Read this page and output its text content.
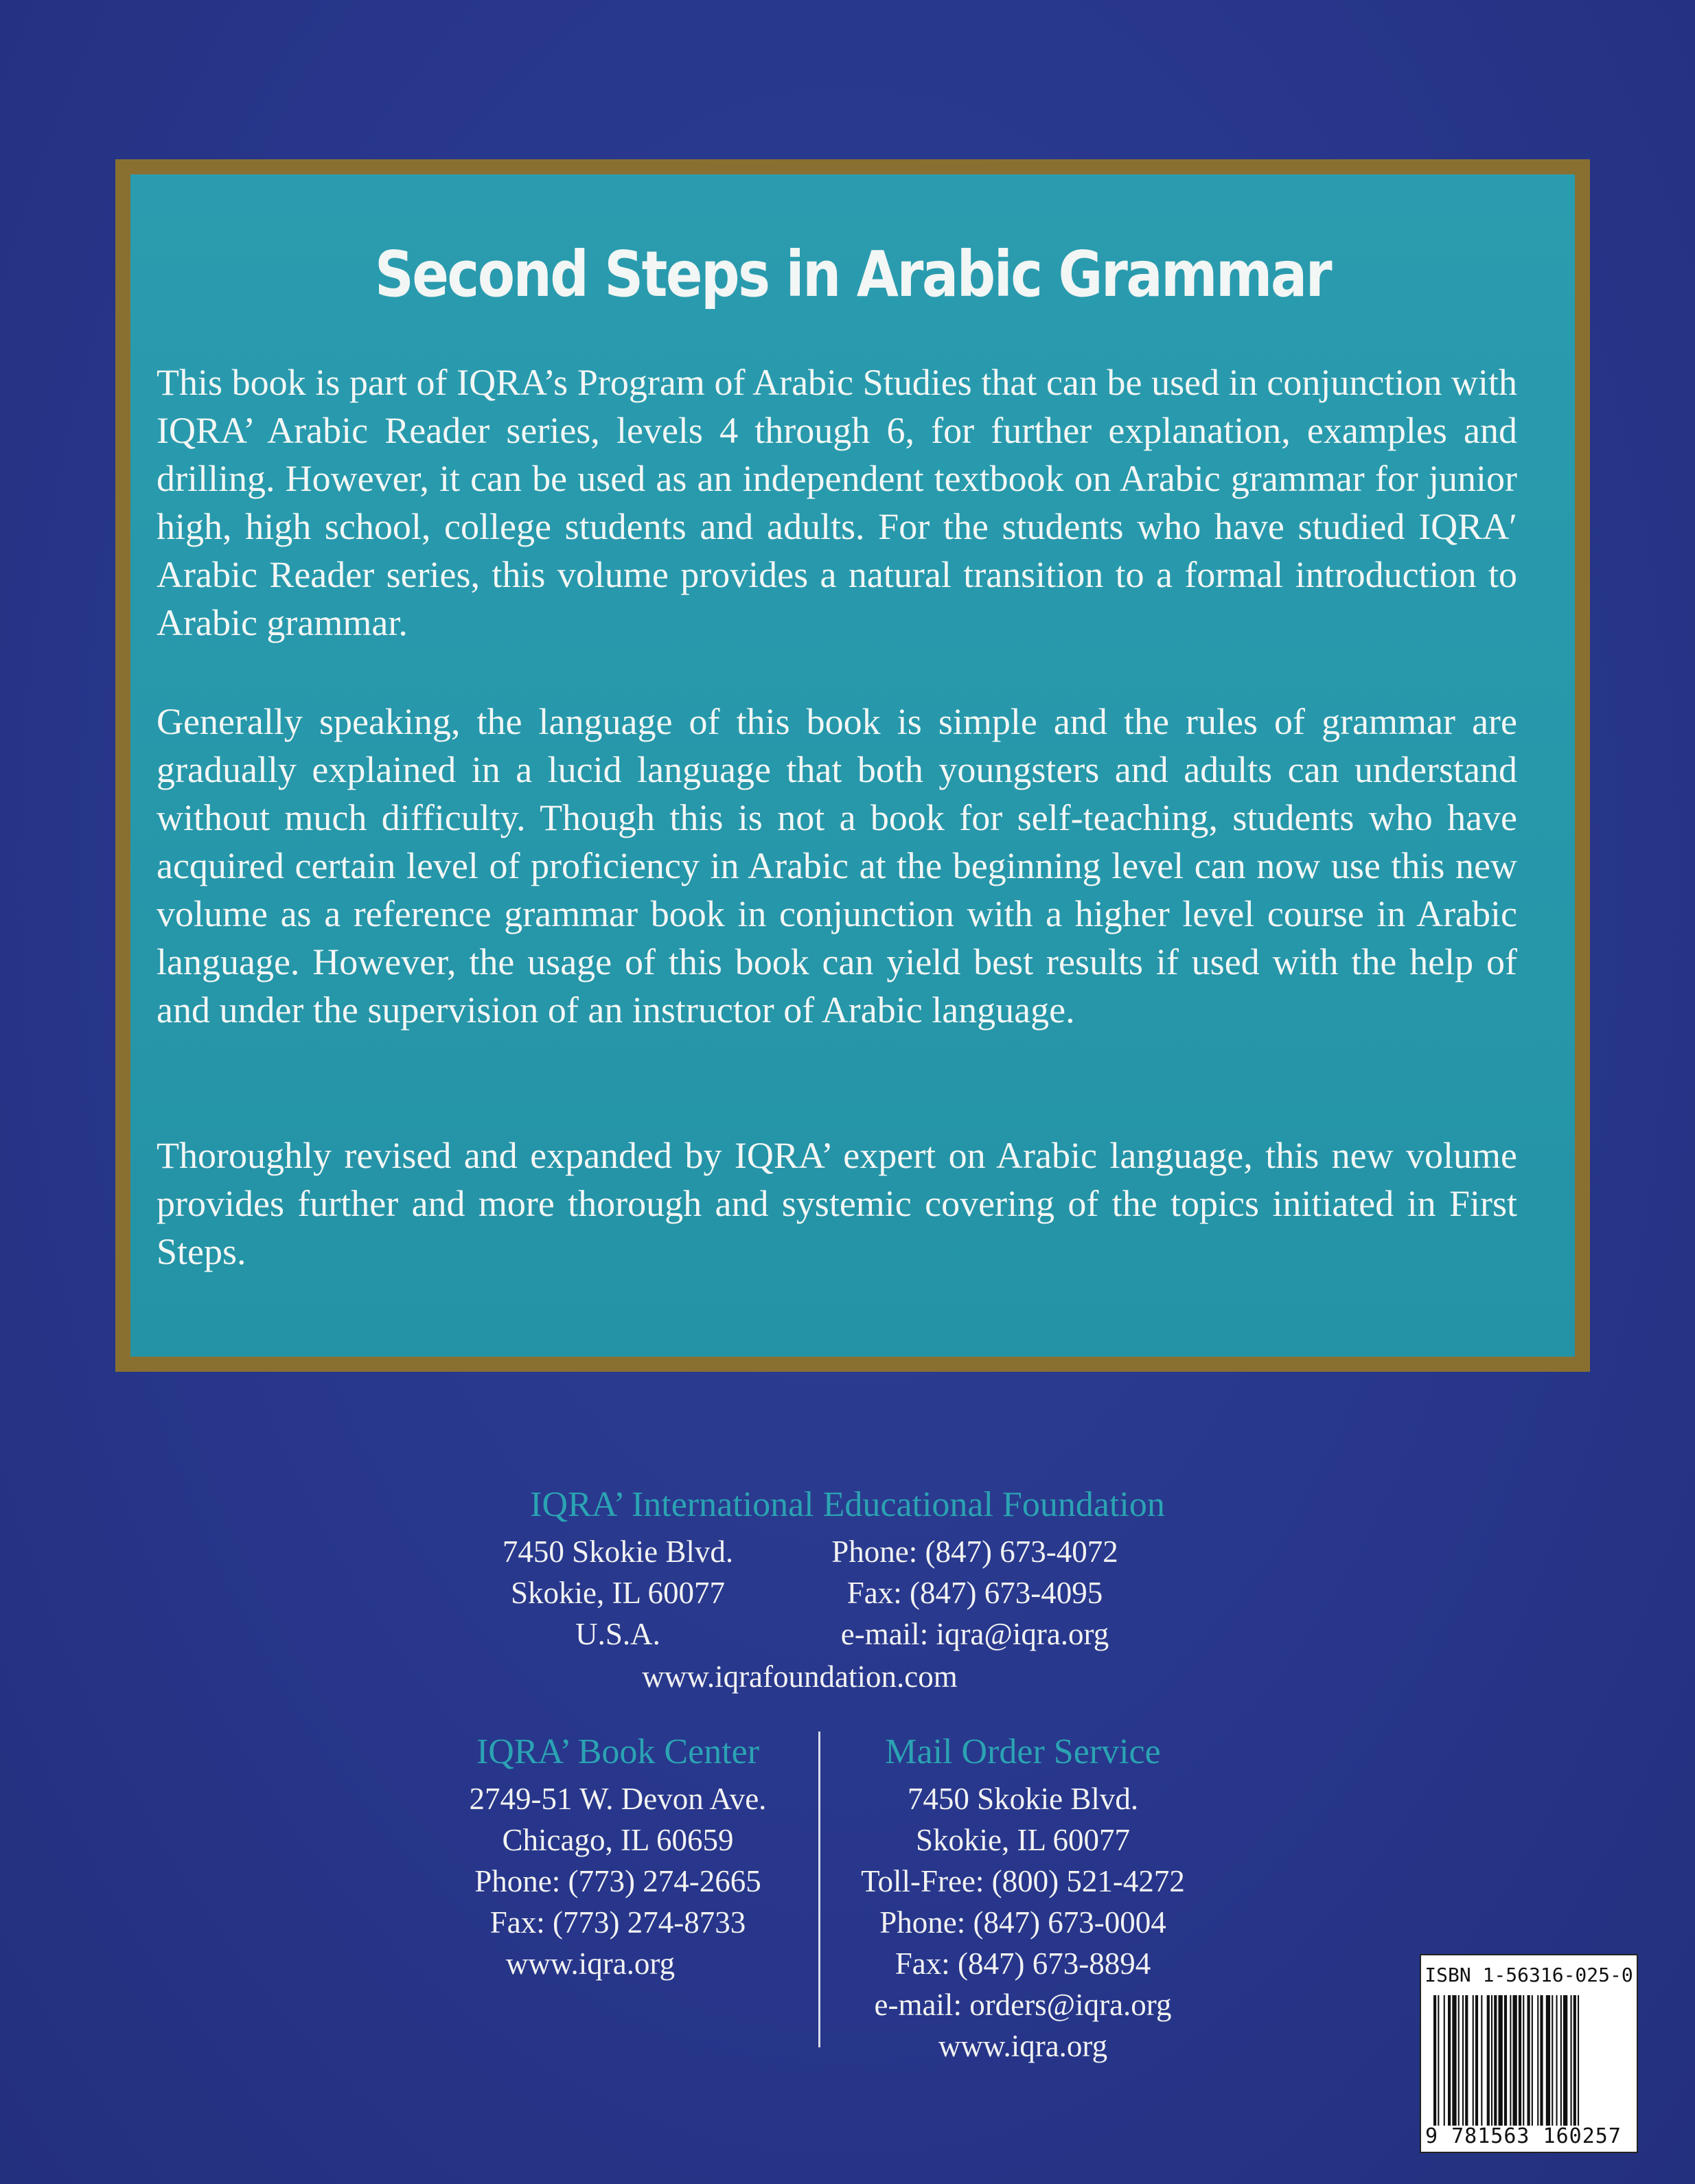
Second Steps in Arabic Grammar

This book is part of IQRA’s Program of Arabic Studies that can be used in conjunction with IQRA’ Arabic Reader series, levels 4 through 6, for further explanation, examples and drilling. However, it can be used as an independent textbook on Arabic grammar for junior high, high school, college students and adults. For the students who have studied IQRA′ Arabic Reader series, this volume provides a natural transition to a formal introduction to Arabic grammar.

Generally speaking, the language of this book is simple and the rules of grammar are gradually explained in a lucid language that both youngsters and adults can understand without much difficulty. Though this is not a book for self-teaching, students who have acquired certain level of proficiency in Arabic at the beginning level can now use this new volume as a reference grammar book in conjunction with a higher level course in Arabic language. However, the usage of this book can yield best results if used with the help of and under the supervision of an instructor of Arabic language.

Thoroughly revised and expanded by IQRA’ expert on Arabic language, this new volume provides further and more thorough and systemic covering of the topics initiated in First Steps.

IQRA’ International Educational Foundation
7450 Skokie Blvd.
Skokie, IL 60077
U.S.A.
Phone: (847) 673-4072
Fax: (847) 673-4095
e-mail: iqra@iqra.org
www.iqrafoundation.com
IQRA’ Book Center
2749-51 W. Devon Ave.
Chicago, IL 60659
Phone: (773) 274-2665
Fax: (773) 274-8733
www.iqra.org
Mail Order Service
7450 Skokie Blvd.
Skokie, IL 60077
Toll-Free: (800) 521-4272
Phone: (847) 673-0004
Fax: (847) 673-8894
e-mail: orders@iqra.org
www.iqra.org
ISBN 1-56316-025-0
9 781563 160257
